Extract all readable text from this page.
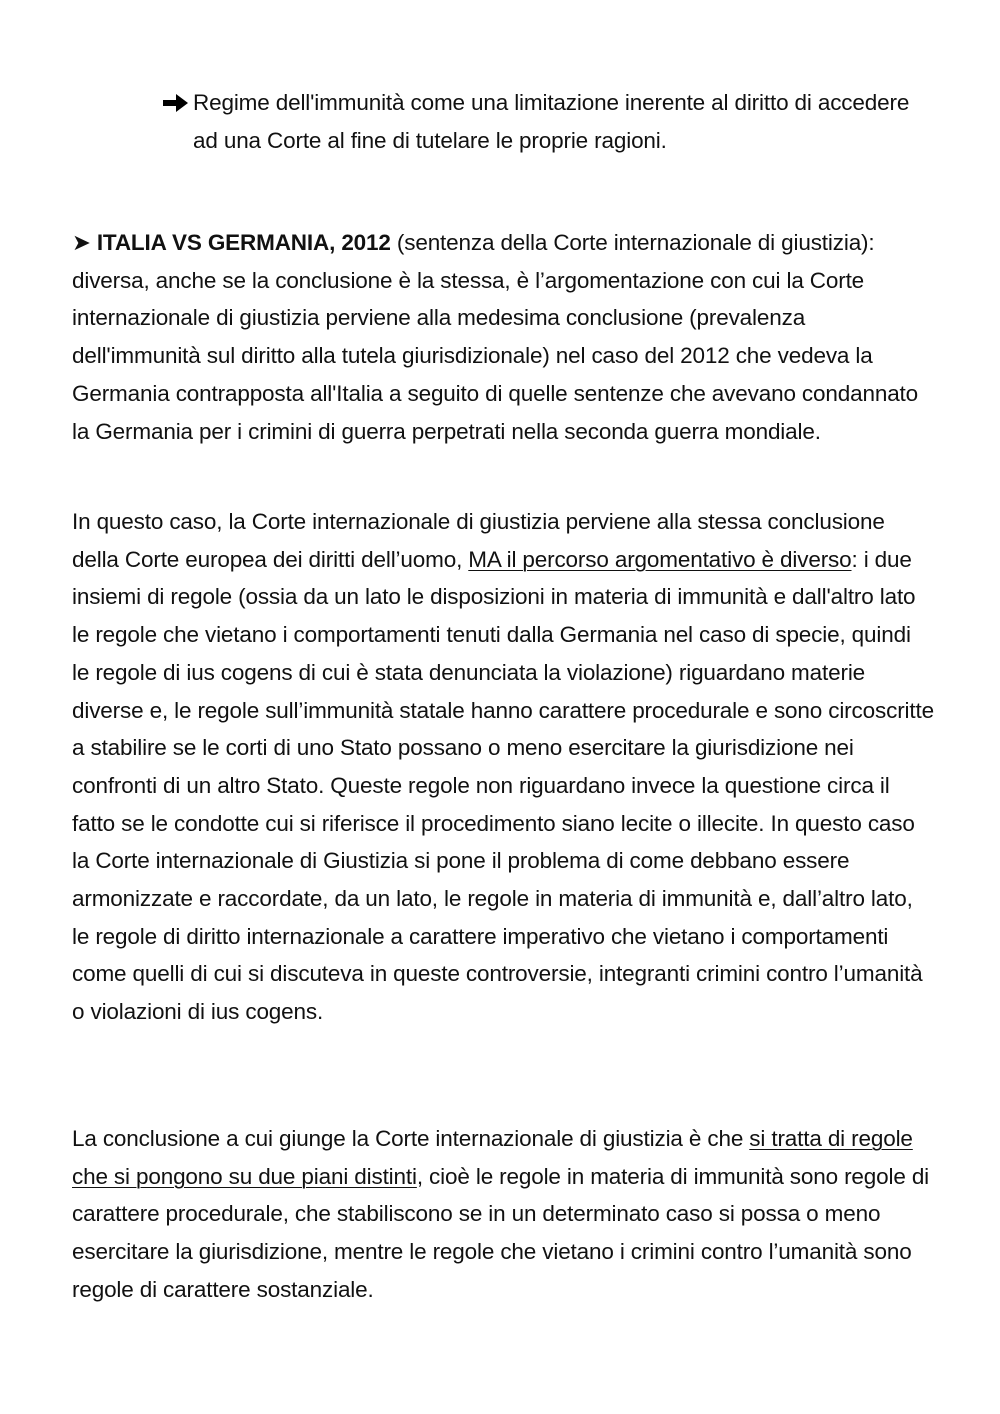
Regime dell'immunità come una limitazione inerente al diritto di accedere ad una Corte al fine di tutelare le proprie ragioni.

➤ ITALIA VS GERMANIA, 2012 (sentenza della Corte internazionale di giustizia): diversa, anche se la conclusione è la stessa, è l’argomentazione con cui la Corte internazionale di giustizia perviene alla medesima conclusione (prevalenza dell'immunità sul diritto alla tutela giurisdizionale) nel caso del 2012 che vedeva la Germania contrapposta all'Italia a seguito di quelle sentenze che avevano condannato la Germania per i crimini di guerra perpetrati nella seconda guerra mondiale.

In questo caso, la Corte internazionale di giustizia perviene alla stessa conclusione della Corte europea dei diritti dell’uomo, MA il percorso argomentativo è diverso: i due insiemi di regole (ossia da un lato le disposizioni in materia di immunità e dall'altro lato le regole che vietano i comportamenti tenuti dalla Germania nel caso di specie, quindi le regole di ius cogens di cui è stata denunciata la violazione) riguardano materie diverse e, le regole sull’immunità statale hanno carattere procedurale e sono circoscritte a stabilire se le corti di uno Stato possano o meno esercitare la giurisdizione nei confronti di un altro Stato. Queste regole non riguardano invece la questione circa il fatto se le condotte cui si riferisce il procedimento siano lecite o illecite. In questo caso la Corte internazionale di Giustizia si pone il problema di come debbano essere armonizzate e raccordate, da un lato, le regole in materia di immunità e, dall’altro lato, le regole di diritto internazionale a carattere imperativo che vietano i comportamenti come quelli di cui si discuteva in queste controversie, integranti crimini contro l’umanità o violazioni di ius cogens.

La conclusione a cui giunge la Corte internazionale di giustizia è che si tratta di regole che si pongono su due piani distinti, cioè le regole in materia di immunità sono regole di carattere procedurale, che stabiliscono se in un determinato caso si possa o meno esercitare la giurisdizione, mentre le regole che vietano i crimini contro l’umanità sono regole di carattere sostanziale.
